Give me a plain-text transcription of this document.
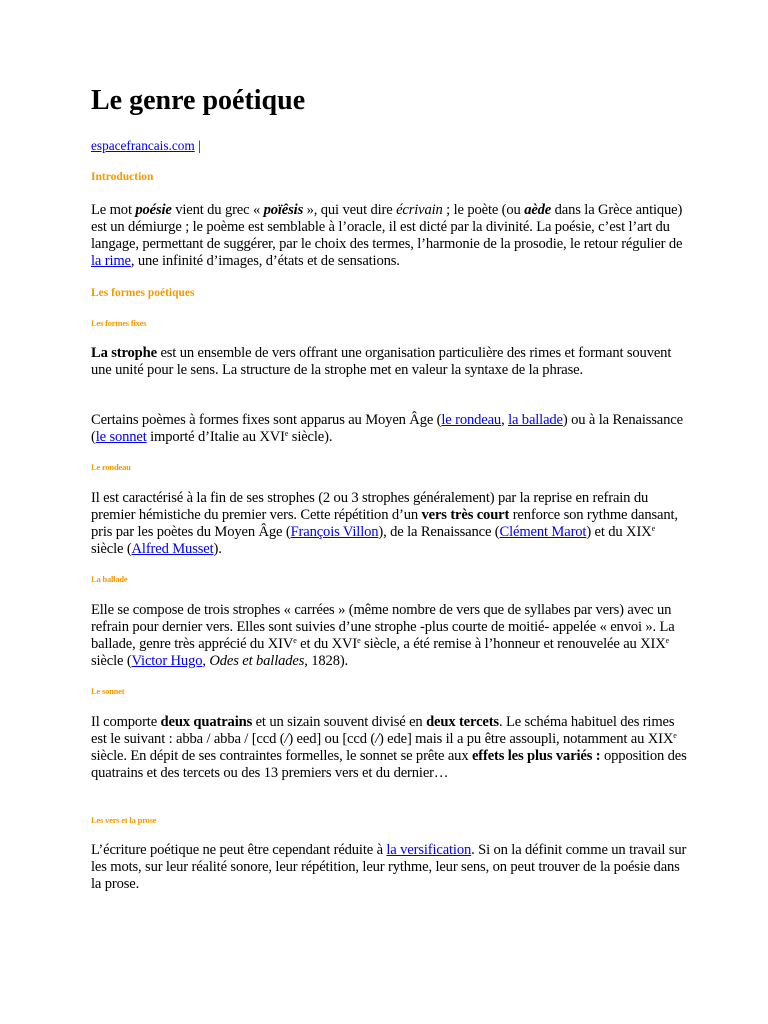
Le genre poétique
espacefrancais.com |
Introduction

Le mot poésie vient du grec « poïêsis », qui veut dire écrivain ; le poète (ou aède dans la Grèce antique) est un démiurge ; le poème est semblable à l’oracle, il est dicté par la divinité. La poésie, c’est l’art du langage, permettant de suggérer, par le choix des termes, l’harmonie de la prosodie, le retour régulier de la rime, une infinité d’images, d’états et de sensations.

Les formes poétiques
Les formes fixes

La strophe est un ensemble de vers offrant une organisation particulière des rimes et formant souvent une unité pour le sens. La structure de la strophe met en valeur la syntaxe de la phrase.

Certains poèmes à formes fixes sont apparus au Moyen Âge (le rondeau, la ballade) ou à la Renaissance (le sonnet importé d’Italie au XVIe siècle).

Le rondeau

Il est caractérisé à la fin de ses strophes (2 ou 3 strophes généralement) par la reprise en refrain du premier hémistiche du premier vers. Cette répétition d’un vers très court renforce son rythme dansant, pris par les poètes du Moyen Âge (François Villon), de la Renaissance (Clément Marot) et du XIXe siècle (Alfred Musset).

La ballade

Elle se compose de trois strophes « carrées » (même nombre de vers que de syllabes par vers) avec un refrain pour dernier vers. Elles sont suivies d’une strophe -plus courte de moitié- appelée « envoi ». La ballade, genre très apprécié du XIVe et du XVIe siècle, a été remise à l’honneur et renouvelée au XIXe siècle (Victor Hugo, Odes et ballades, 1828).

Le sonnet

Il comporte deux quatrains et un sizain souvent divisé en deux tercets. Le schéma habituel des rimes est le suivant : abba / abba / [ccd (/) eed] ou [ccd (/) ede] mais il a pu être assoupli, notamment au XIXe siècle. En dépit de ses contraintes formelles, le sonnet se prête aux effets les plus variés : opposition des quatrains et des tercets ou des 13 premiers vers et du dernier…

Les vers et la prose

L’écriture poétique ne peut être cependant réduite à la versification. Si on la définit comme un travail sur les mots, sur leur réalité sonore, leur répétition, leur rythme, leur sens, on peut trouver de la poésie dans la prose.
